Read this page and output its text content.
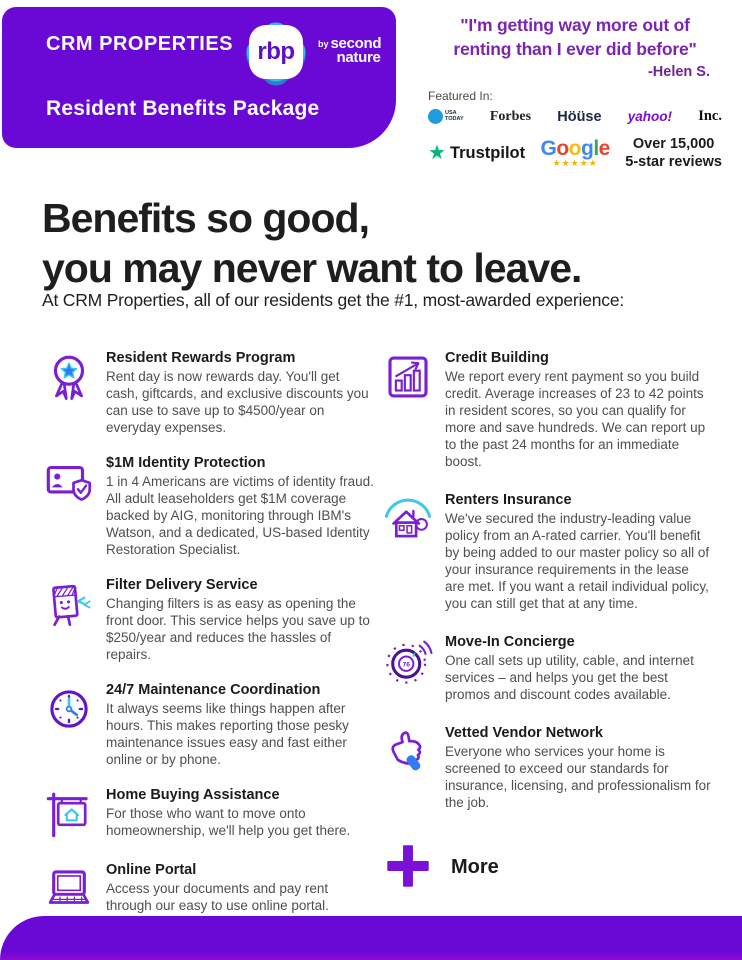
CRM PROPERTIES rbp	by second
nature
Resident Benefits Package
"I'm getting way more out of
renting than I ever did before"
-Helen S.
Featured In:
USA
TODAY Forbes Höüse yahoo! Inc.
★ Trustpilot Google
★★★★★
Over 15,000
5-star reviews
Benefits so good,
you may never want to leave.
At CRM Properties, all of our residents get the #1, most-awarded experience:
Resident Rewards Program
Rent day is now rewards day. You'll get cash, giftcards, and exclusive discounts you can use to save up to $4500/year on everyday expenses.
$1M Identity Protection
1 in 4 Americans are victims of identity fraud. All adult leaseholders get $1M coverage backed by AIG, monitoring through IBM's Watson, and a dedicated, US-based Identity Restoration Specialist.
Filter Delivery Service
Changing filters is as easy as opening the front door. This service helps you save up to $250/year and reduces the hassles of repairs.
24/7 Maintenance Coordination
It always seems like things happen after hours. This makes reporting those pesky maintenance issues easy and fast either online or by phone.
Home Buying Assistance
For those who want to move onto homeownership, we'll help you get there.
Online Portal
Access your documents and pay rent through our easy to use online portal.
Credit Building
We report every rent payment so you build credit. Average increases of 23 to 42 points in resident scores, so you can qualify for more and save hundreds. We can report up to the past 24 months for an immediate boost.
Renters Insurance
We've secured the industry-leading value policy from an A-rated carrier. You'll benefit by being added to our master policy so all of your insurance requirements in the lease are met. If you want a retail individual policy, you can still get that at any time.
76
Move-In Concierge
One call sets up utility, cable, and internet services – and helps you get the best promos and discount codes available.
Vetted Vendor Network
Everyone who services your home is screened to exceed our standards for insurance, licensing, and professionalism for the job.
More
